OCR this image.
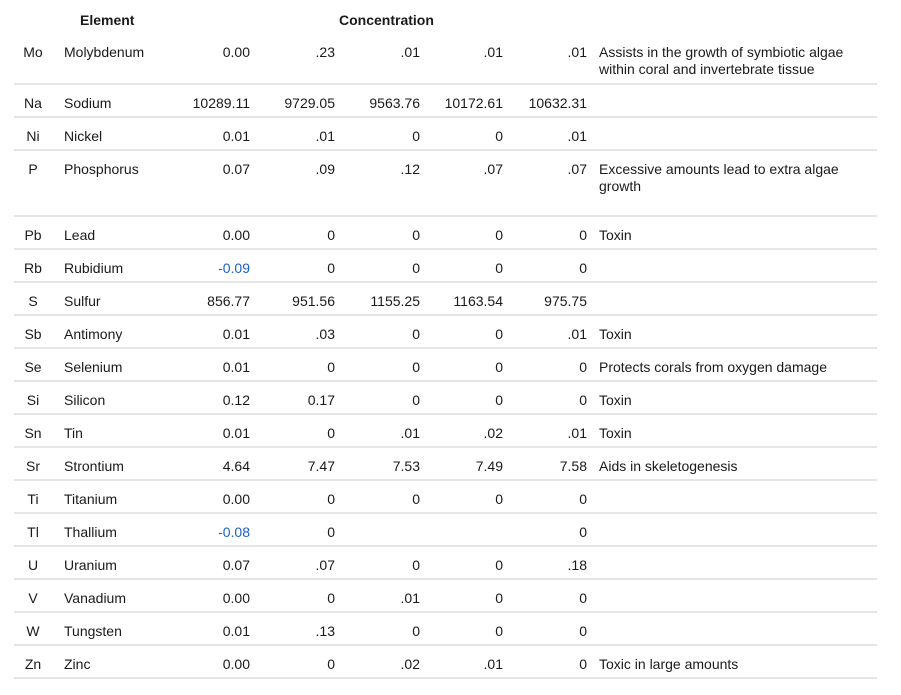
Element	Concentration
Mo	Molybdenum	0.00	.23	.01	.01	.01	Assists in the growth of symbiotic algae within coral and invertebrate tissue
Na	Sodium	10289.11	9729.05	9563.76	10172.61	10632.31	
Ni	Nickel	0.01	.01	0	0	.01	
P	Phosphorus	0.07	.09	.12	.07	.07	Excessive amounts lead to extra algae growth
Pb	Lead	0.00	0	0	0	0	Toxin
Rb	Rubidium	-0.09	0	0	0	0	
S	Sulfur	856.77	951.56	1155.25	1163.54	975.75	
Sb	Antimony	0.01	.03	0	0	.01	Toxin
Se	Selenium	0.01	0	0	0	0	Protects corals from oxygen damage
Si	Silicon	0.12	0.17	0	0	0	Toxin
Sn	Tin	0.01	0	.01	.02	.01	Toxin
Sr	Strontium	4.64	7.47	7.53	7.49	7.58	Aids in skeletogenesis
Ti	Titanium	0.00	0	0	0	0	
Tl	Thallium	-0.08	0			0	
U	Uranium	0.07	.07	0	0	.18	
V	Vanadium	0.00	0	.01	0	0	
W	Tungsten	0.01	.13	0	0	0	
Zn	Zinc	0.00	0	.02	.01	0	Toxic in large amounts
